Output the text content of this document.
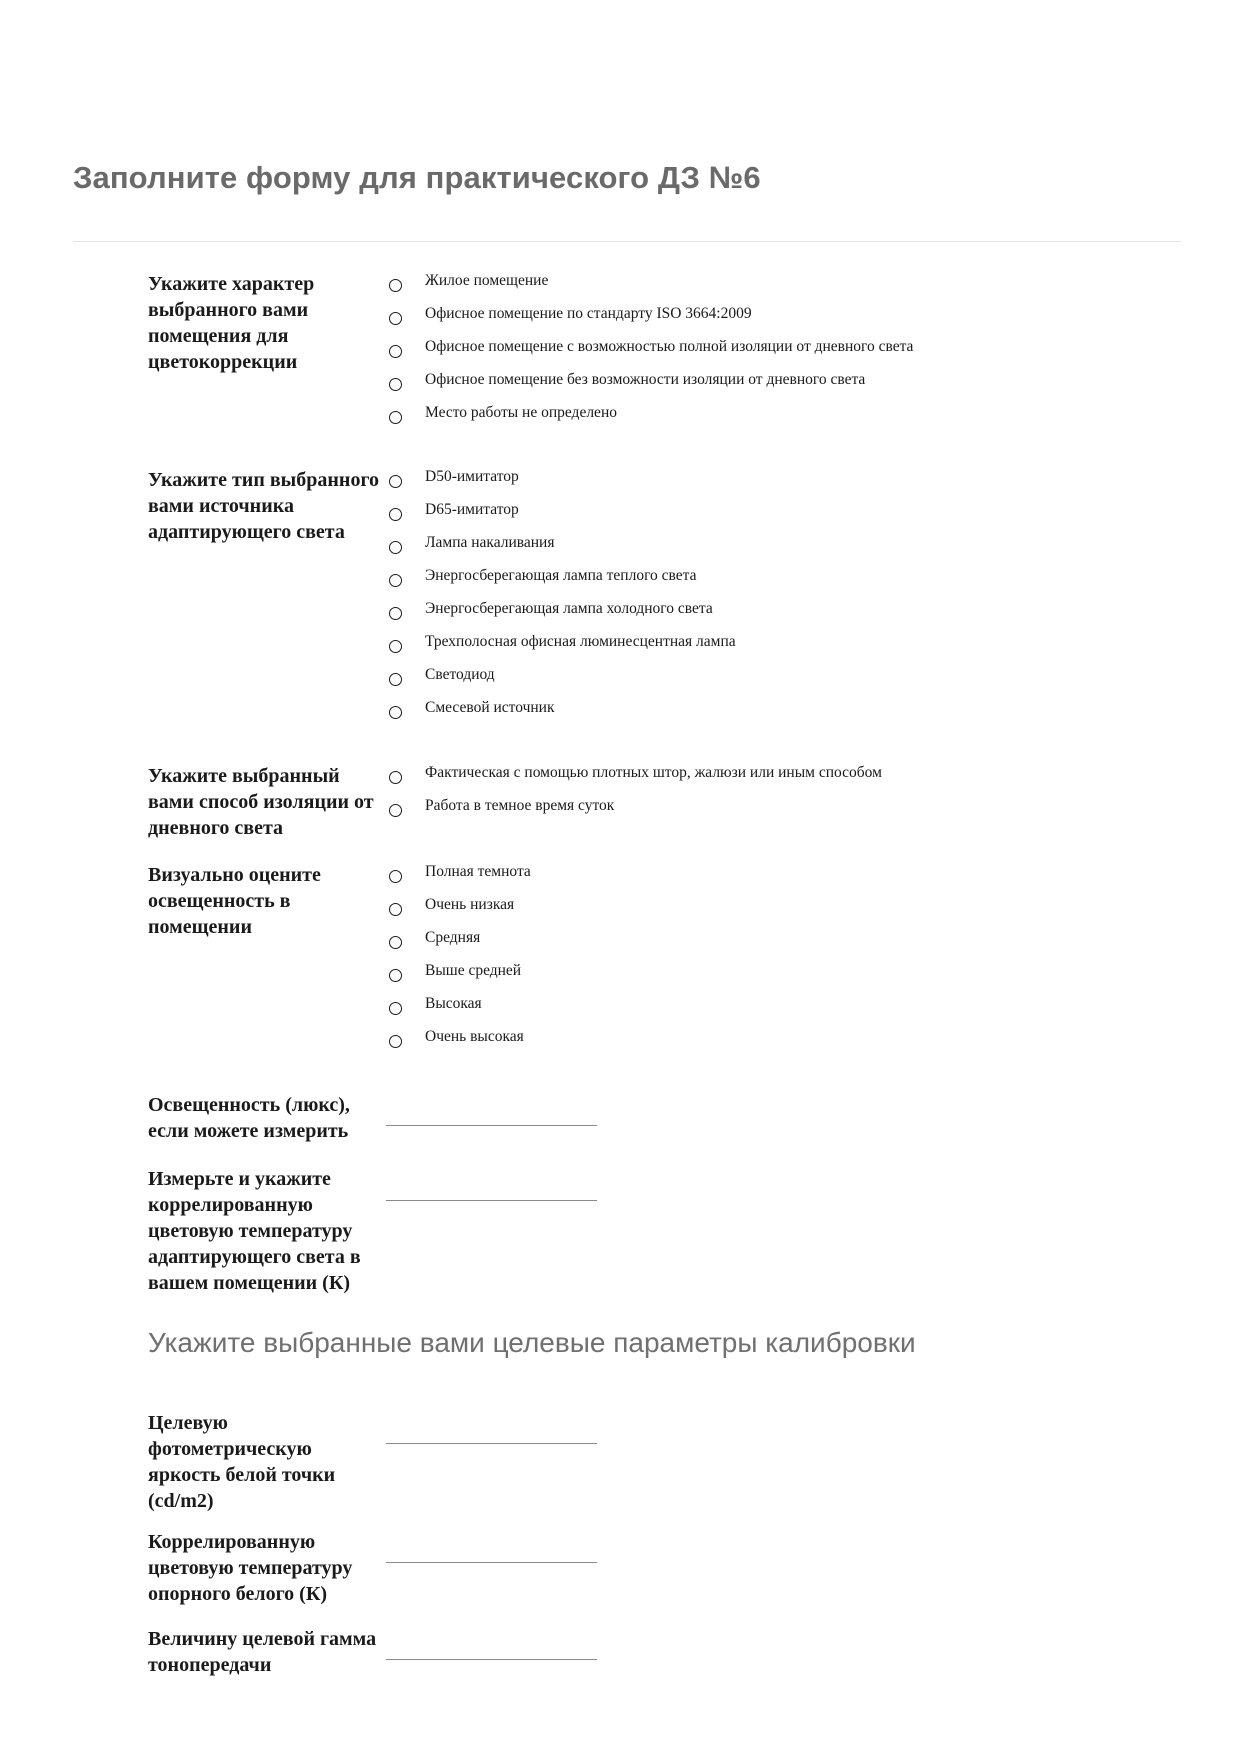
Заполните форму для практического ДЗ №6
Укажите характер выбранного вами помещения для цветокоррекции
Жилое помещение
Офисное помещение по стандарту ISO 3664:2009
Офисное помещение с возможностью полной изоляции от дневного света
Офисное помещение без возможности изоляции от дневного света
Место работы не определено
Укажите тип выбранного вами источника адаптирующего света
D50-имитатор
D65-имитатор
Лампа накаливания
Энергосберегающая лампа теплого света
Энергосберегающая лампа холодного света
Трехполосная офисная люминесцентная лампа
Светодиод
Смесевой источник
Укажите выбранный вами способ изоляции от дневного света
Фактическая с помощью плотных штор, жалюзи или иным способом
Работа в темное время суток
Визуально оцените освещенность в помещении
Полная темнота
Очень низкая
Средняя
Выше средней
Высокая
Очень высокая
Освещенность (люкс), если можете измерить
Измерьте и укажите коррелированную цветовую температуру адаптирующего света в вашем помещении (К)
Укажите выбранные вами целевые параметры калибровки
Целевую фотометрическую яркость белой точки (cd/m2)
Коррелированную цветовую температуру опорного белого (К)
Величину целевой гамма тонопередачи
